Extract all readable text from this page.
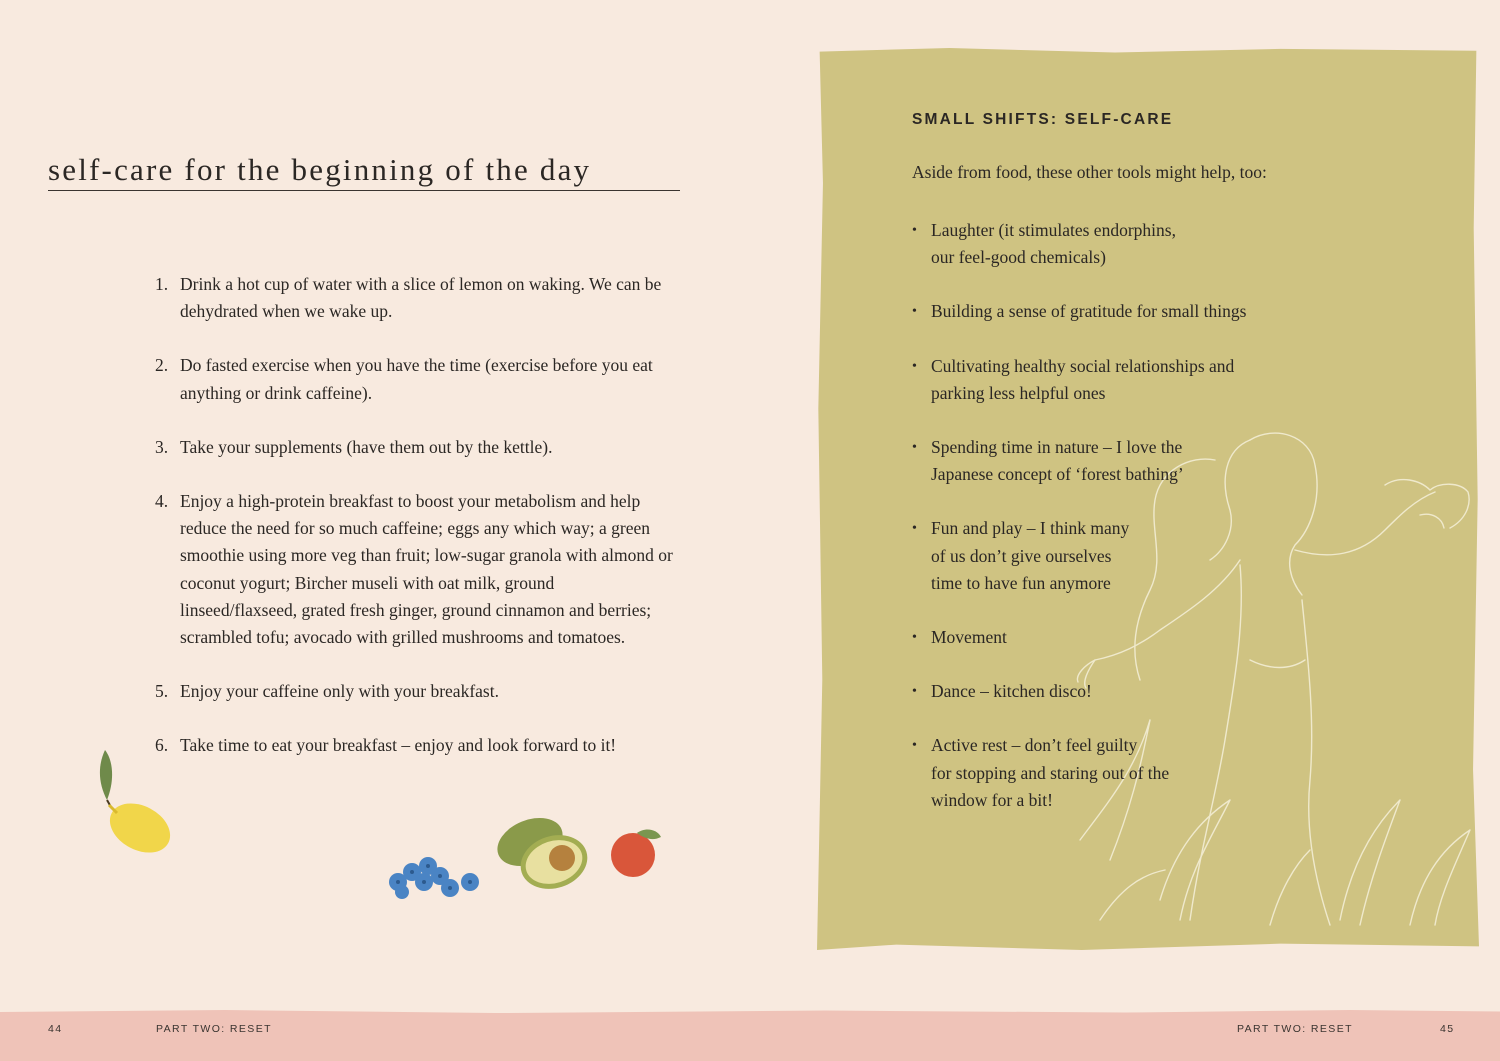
self-care for the beginning of the day
1. Drink a hot cup of water with a slice of lemon on waking. We can be dehydrated when we wake up.
2. Do fasted exercise when you have the time (exercise before you eat anything or drink caffeine).
3. Take your supplements (have them out by the kettle).
4. Enjoy a high-protein breakfast to boost your metabolism and help reduce the need for so much caffeine; eggs any which way; a green smoothie using more veg than fruit; low-sugar granola with almond or coconut yogurt; Bircher museli with oat milk, ground linseed/flaxseed, grated fresh ginger, ground cinnamon and berries; scrambled tofu; avocado with grilled mushrooms and tomatoes.
5. Enjoy your caffeine only with your breakfast.
6. Take time to eat your breakfast – enjoy and look forward to it!
SMALL SHIFTS: SELF-CARE

Aside from food, these other tools might help, too:

• Laughter (it stimulates endorphins,
our feel-good chemicals)
• Building a sense of gratitude for small things
• Cultivating healthy social relationships and
parking less helpful ones
• Spending time in nature – I love the
Japanese concept of ‘forest bathing’
• Fun and play – I think many
of us don’t give ourselves
time to have fun anymore
• Movement
• Dance – kitchen disco!
• Active rest – don’t feel guilty
for stopping and staring out of the
window for a bit!
44	PART TWO: RESET	PART TWO: RESET	45
